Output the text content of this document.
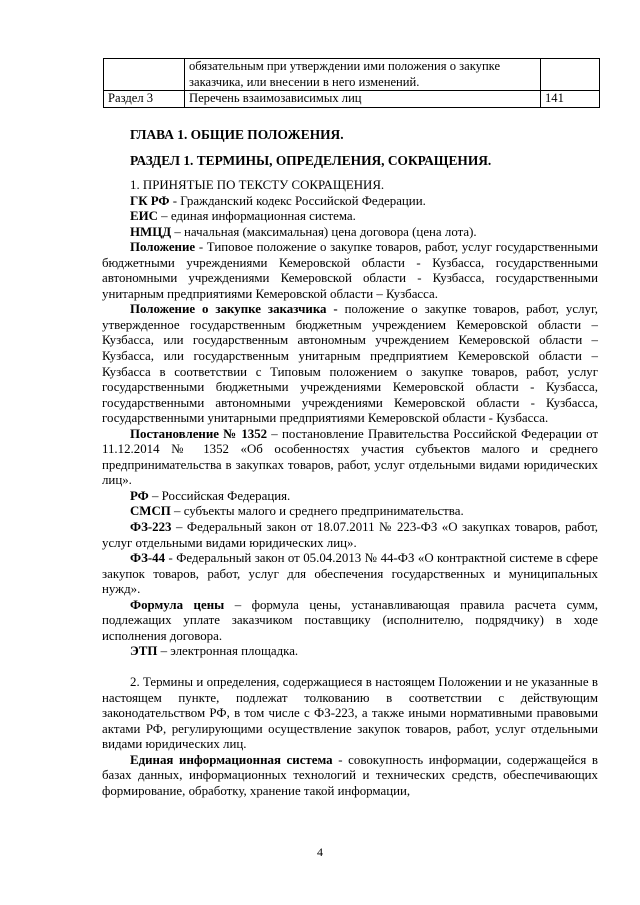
	обязательным при утверждении ими положения о закупке заказчика, или внесении в него изменений.	
Раздел 3	Перечень взаимозависимых лиц	141
ГЛАВА 1. ОБЩИЕ ПОЛОЖЕНИЯ.
РАЗДЕЛ 1. ТЕРМИНЫ, ОПРЕДЕЛЕНИЯ, СОКРАЩЕНИЯ.

1. ПРИНЯТЫЕ ПО ТЕКСТУ СОКРАЩЕНИЯ.

ГК РФ - Гражданский кодекс Российской Федерации.

ЕИС – единая информационная система.

НМЦД – начальная (максимальная) цена договора (цена лота).

Положение - Типовое положение о закупке товаров, работ, услуг государственными бюджетными учреждениями Кемеровской области - Кузбасса, государственными автономными учреждениями Кемеровской области - Кузбасса, государственными унитарным предприятиями Кемеровской области – Кузбасса.

Положение о закупке заказчика - положение о закупке товаров, работ, услуг, утвержденное государственным бюджетным учреждением Кемеровской области – Кузбасса, или государственным автономным учреждением Кемеровской области – Кузбасса, или государственным унитарным предприятием Кемеровской области – Кузбасса в соответствии с Типовым положением о закупке товаров, работ, услуг государственными бюджетными учреждениями Кемеровской области - Кузбасса, государственными автономными учреждениями Кемеровской области - Кузбасса, государственными унитарными предприятиями Кемеровской области - Кузбасса.

Постановление № 1352 – постановление Правительства Российской Федерации от 11.12.2014 № 1352 «Об особенностях участия субъектов малого и среднего предпринимательства в закупках товаров, работ, услуг отдельными видами юридических лиц».

РФ – Российская Федерация.

СМСП – субъекты малого и среднего предпринимательства.

ФЗ-223 – Федеральный закон от 18.07.2011 № 223-ФЗ «О закупках товаров, работ, услуг отдельными видами юридических лиц».

ФЗ-44 - Федеральный закон от 05.04.2013 № 44-ФЗ «О контрактной системе в сфере закупок товаров, работ, услуг для обеспечения государственных и муниципальных нужд».

Формула цены – формула цены, устанавливающая правила расчета сумм, подлежащих уплате заказчиком поставщику (исполнителю, подрядчику) в ходе исполнения договора.

ЭТП – электронная площадка.

2. Термины и определения, содержащиеся в настоящем Положении и не указанные в настоящем пункте, подлежат толкованию в соответствии с действующим законодательством РФ, в том числе с ФЗ-223, а также иными нормативными правовыми актами РФ, регулирующими осуществление закупок товаров, работ, услуг отдельными видами юридических лиц.

Единая информационная система - совокупность информации, содержащейся в базах данных, информационных технологий и технических средств, обеспечивающих формирование, обработку, хранение такой информации,

4
